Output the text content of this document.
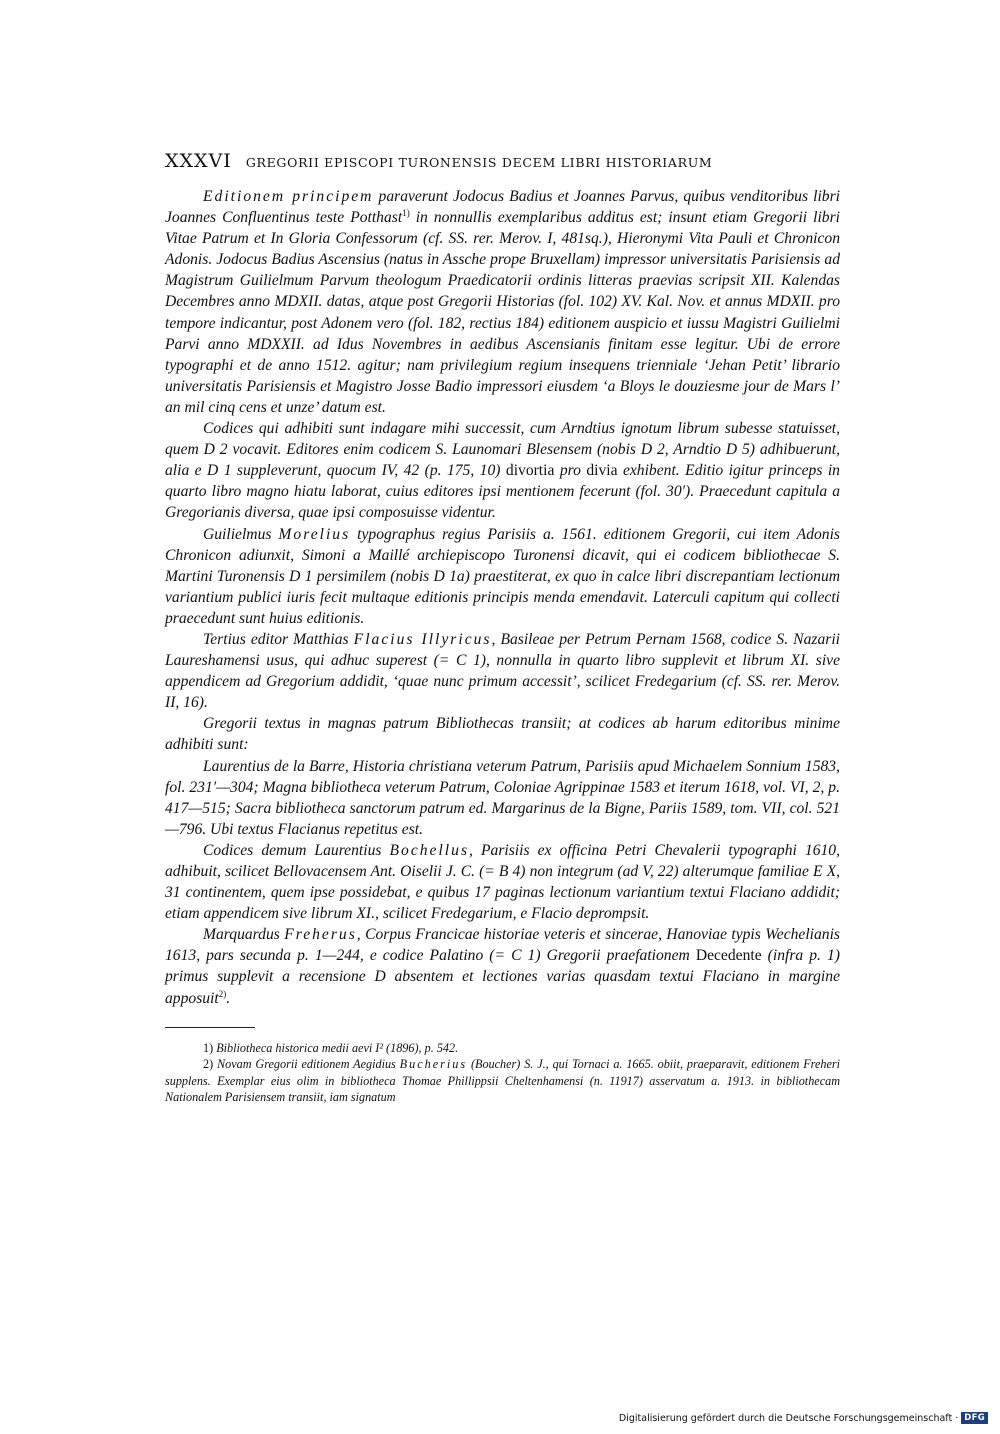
XXXVI GREGORII EPISCOPI TURONENSIS DECEM LIBRI HISTORIARUM

Editionem principem paraverunt Jodocus Badius et Joannes Parvus, quibus venditoribus libri Joannes Confluentinus teste Potthast$^{1)}$ in nonnullis exemplaribus additus est; insunt etiam Gregorii libri Vitae Patrum et In Gloria Confessorum (cf. SS. rer. Merov. I, 481sq.), Hieronymi Vita Pauli et Chronicon Adonis. Jodocus Badius Ascensius (natus in Assche prope Bruxellam) impressor universitatis Parisiensis ad Magistrum Guilielmum Parvum theologum Praedicatorii ordinis litteras praevias scripsit XII. Kalendas Decembres anno MDXII. datas, atque post Gregorii Historias (fol. 102) XV. Kal. Nov. et annus MDXII. pro tempore indicantur, post Adonem vero (fol. 182, rectius 184) editionem auspicio et iussu Magistri Guilielmi Parvi anno MDXXII. ad Idus Novembres in aedibus Ascensianis finitam esse legitur. Ubi de errore typographi et de anno 1512. agitur; nam privilegium regium insequens trienniale ‘Jehan Petit’ librario universitatis Parisiensis et Magistro Josse Badio impressori eiusdem ‘a Bloys le douziesme jour de Mars l’ an mil cinq cens et unze’ datum est.

Codices qui adhibiti sunt indagare mihi successit, cum Arndtius ignotum librum subesse statuisset, quem D 2 vocavit. Editores enim codicem S. Launomari Blesensem (nobis D 2, Arndtio D 5) adhibuerunt, alia e D 1 suppleverunt, quocum IV, 42 (p. 175, 10) divortia pro divia exhibent. Editio igitur princeps in quarto libro magno hiatu laborat, cuius editores ipsi mentionem fecerunt (fol. 30′). Praecedunt capitula a Gregorianis diversa, quae ipsi composuisse videntur.

Guilielmus Morelius typographus regius Parisiis a. 1561. editionem Gregorii, cui item Adonis Chronicon adiunxit, Simoni a Maillé archiepiscopo Turonensi dicavit, qui ei codicem bibliothecae S. Martini Turonensis D 1 persimilem (nobis D 1a) praestiterat, ex quo in calce libri discrepantiam lectionum variantium publici iuris fecit multaque editionis principis menda emendavit. Laterculi capitum qui collecti praecedunt sunt huius editionis.

Tertius editor Matthias Flacius Illyricus, Basileae per Petrum Pernam 1568, codice S. Nazarii Laureshamensi usus, qui adhuc superest (= C 1), nonnulla in quarto libro supplevit et librum XI. sive appendicem ad Gregorium addidit, ‘quae nunc primum accessit’, scilicet Fredegarium (cf. SS. rer. Merov. II, 16).

Gregorii textus in magnas patrum Bibliothecas transiit; at codices ab harum editoribus minime adhibiti sunt:

Laurentius de la Barre, Historia christiana veterum Patrum, Parisiis apud Michaelem Sonnium 1583, fol. 231′—304; Magna bibliotheca veterum Patrum, Coloniae Agrippinae 1583 et iterum 1618, vol. VI, 2, p. 417—515; Sacra bibliotheca sanctorum patrum ed. Margarinus de la Bigne, Pariis 1589, tom. VII, col. 521—796. Ubi textus Flacianus repetitus est.

Codices demum Laurentius Bochellus, Parisiis ex officina Petri Chevalerii typographi 1610, adhibuit, scilicet Bellovacensem Ant. Oiselii J. C. (= B 4) non integrum (ad V, 22) alterumque familiae E X, 31 continentem, quem ipse possidebat, e quibus 17 paginas lectionum variantium textui Flaciano addidit; etiam appendicem sive librum XI., scilicet Fredegarium, e Flacio deprompsit.

Marquardus Freherus, Corpus Francicae historiae veteris et sincerae, Hanoviae typis Wechelianis 1613, pars secunda p. 1—244, e codice Palatino (= C 1) Gregorii praefationem Decedente (infra p. 1) primus supplevit a recensione D absentem et lectiones varias quasdam textui Flaciano in margine apposuit$^{2)}$.

1) Bibliotheca historica medii aevi I² (1896), p. 542.

2) Novam Gregorii editionem Aegidius Bucherius (Boucher) S. J., qui Tornaci a. 1665. obiit, praeparavit, editionem Freheri supplens. Exemplar eius olim in bibliotheca Thomae Phillippsii Cheltenhamensi (n. 11917) asservatum a. 1913. in bibliothecam Nationalem Parisiensem transiit, iam signatum

Digitalisierung gefördert durch die Deutsche Forschungsgemeinschaft · DFG
